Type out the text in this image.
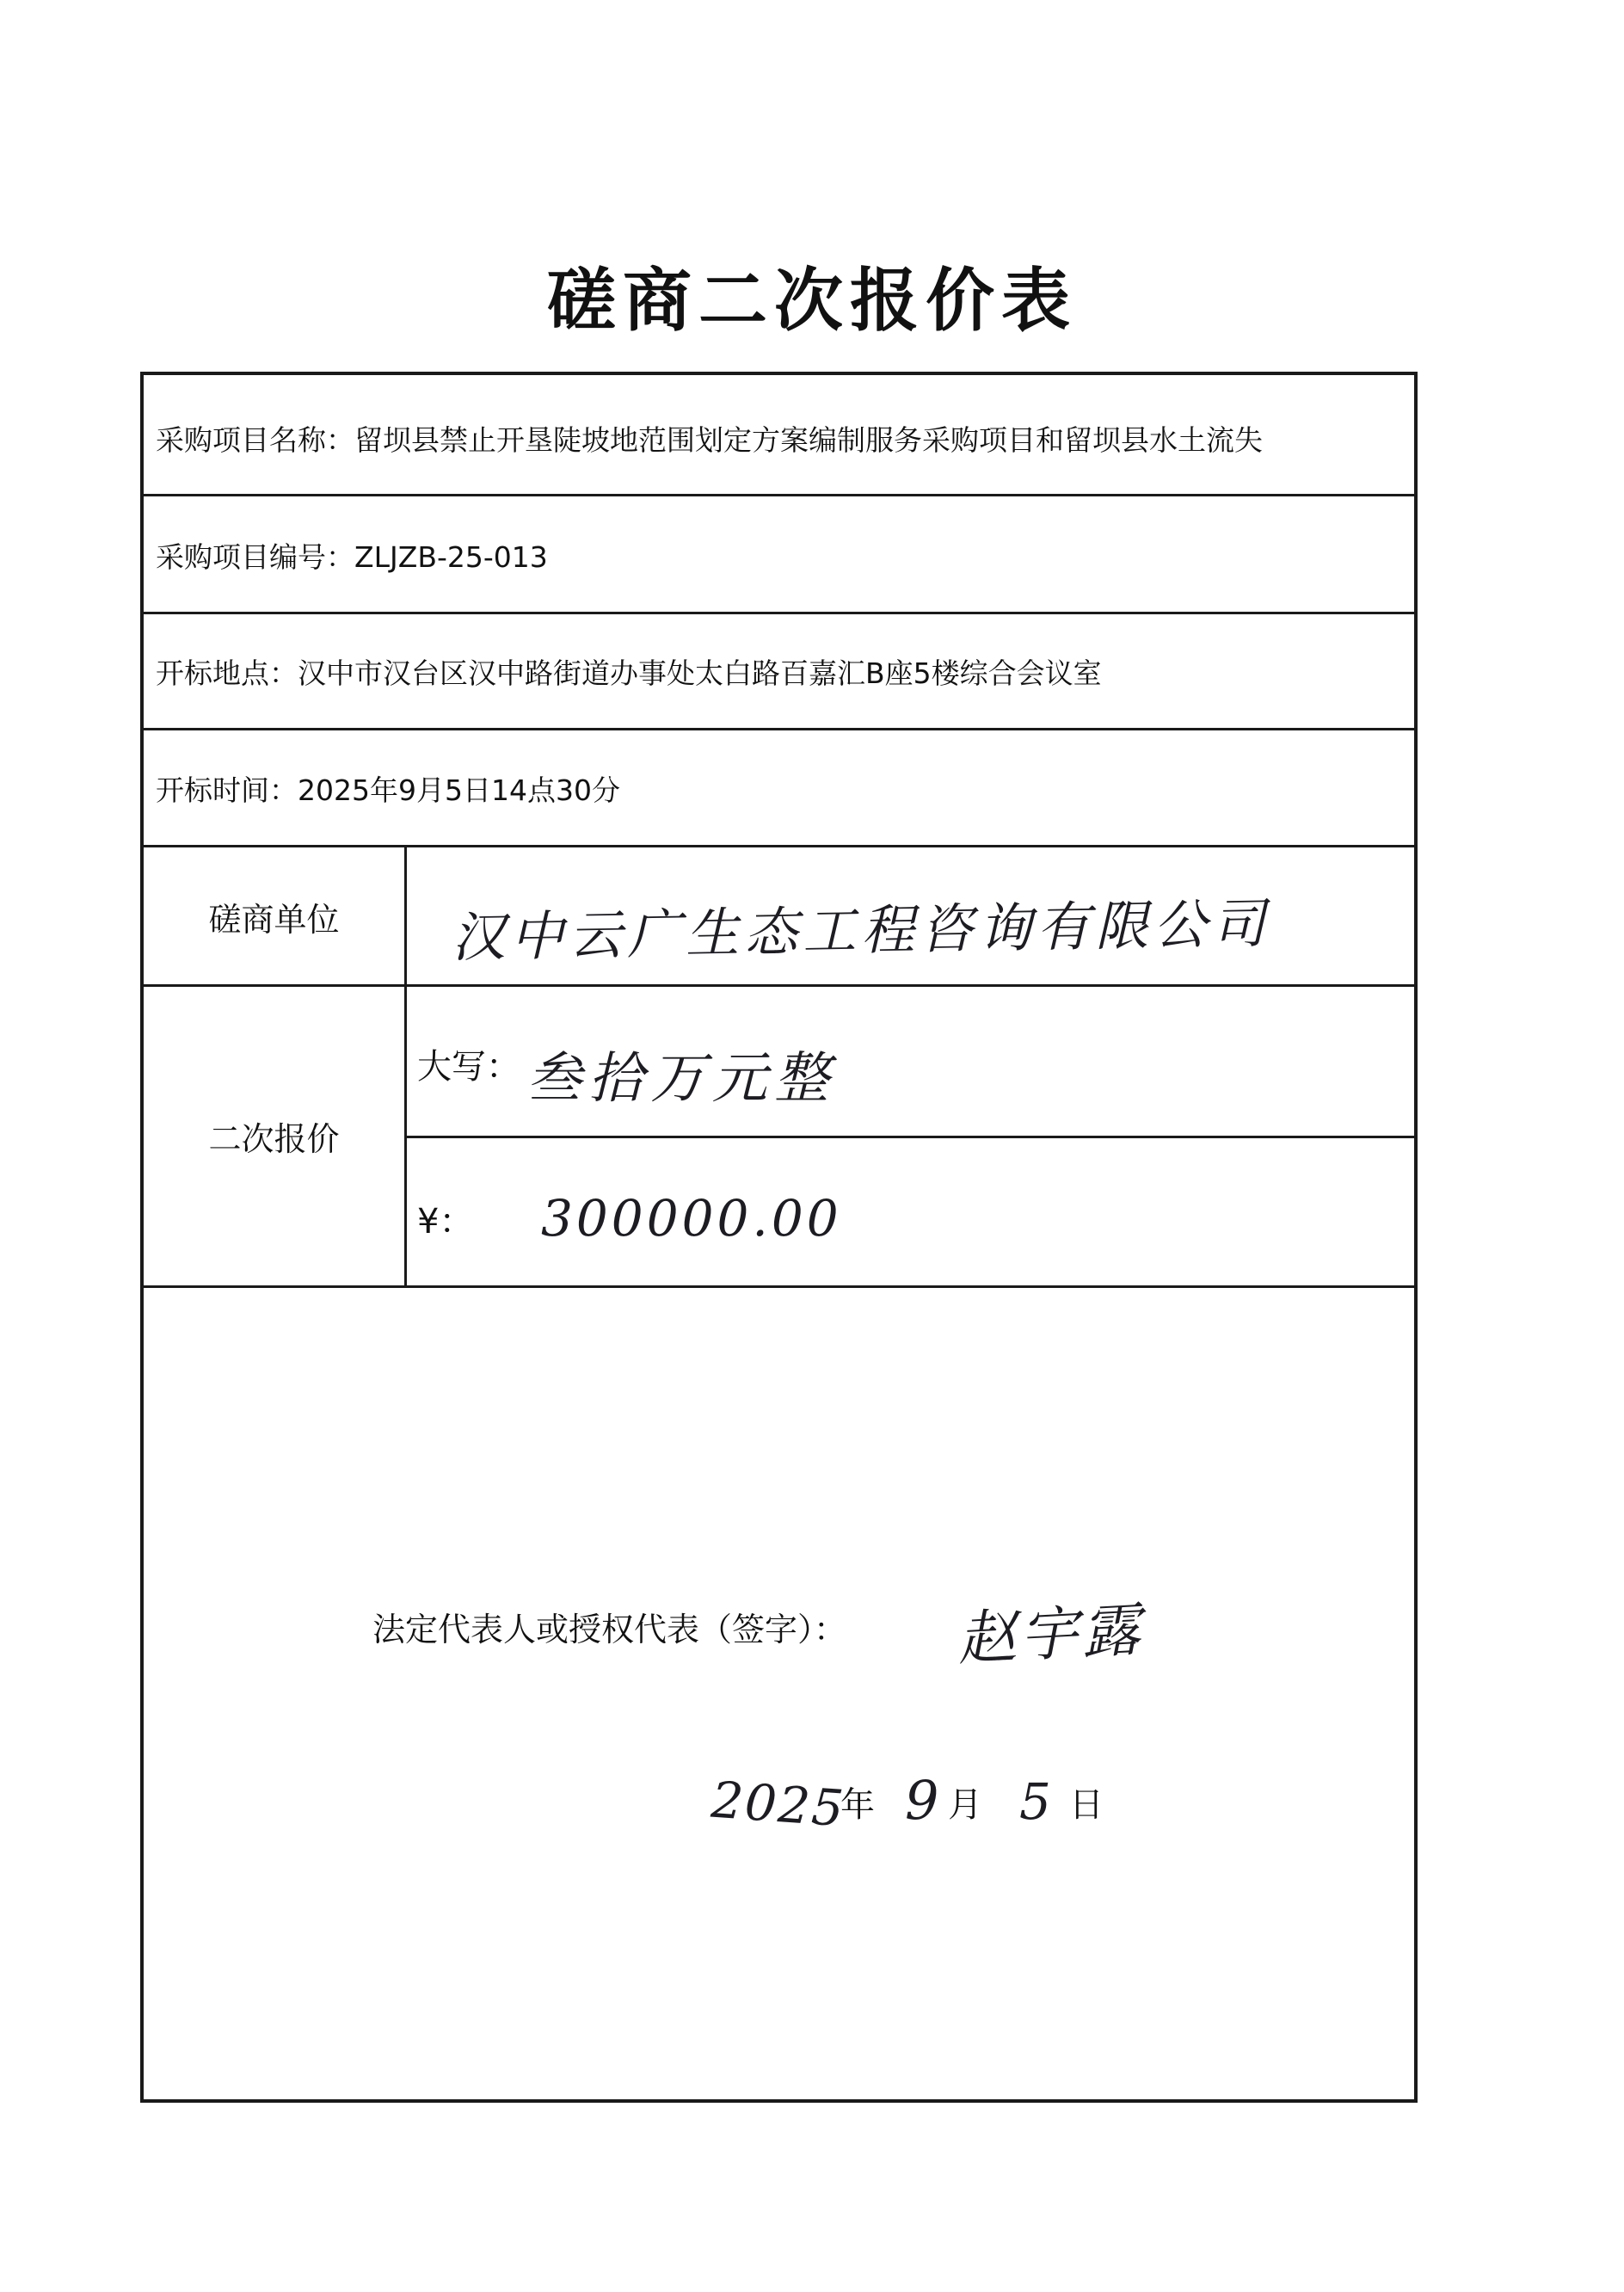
磋商二次报价表
采购项目名称：留坝县禁止开垦陡坡地范围划定方案编制服务采购项目和留坝县水土流失
采购项目编号：ZLJZB-25-013
开标地点：汉中市汉台区汉中路街道办事处太白路百嘉汇B座5楼综合会议室
开标时间：2025年9月5日14点30分
磋商单位	汉中云广生态工程咨询有限公司
二次报价
大写： 叁拾万元整
¥： 300000.00
法定代表人或授权代表（签字）： 赵宇露
2025
年 9 月 5 日
